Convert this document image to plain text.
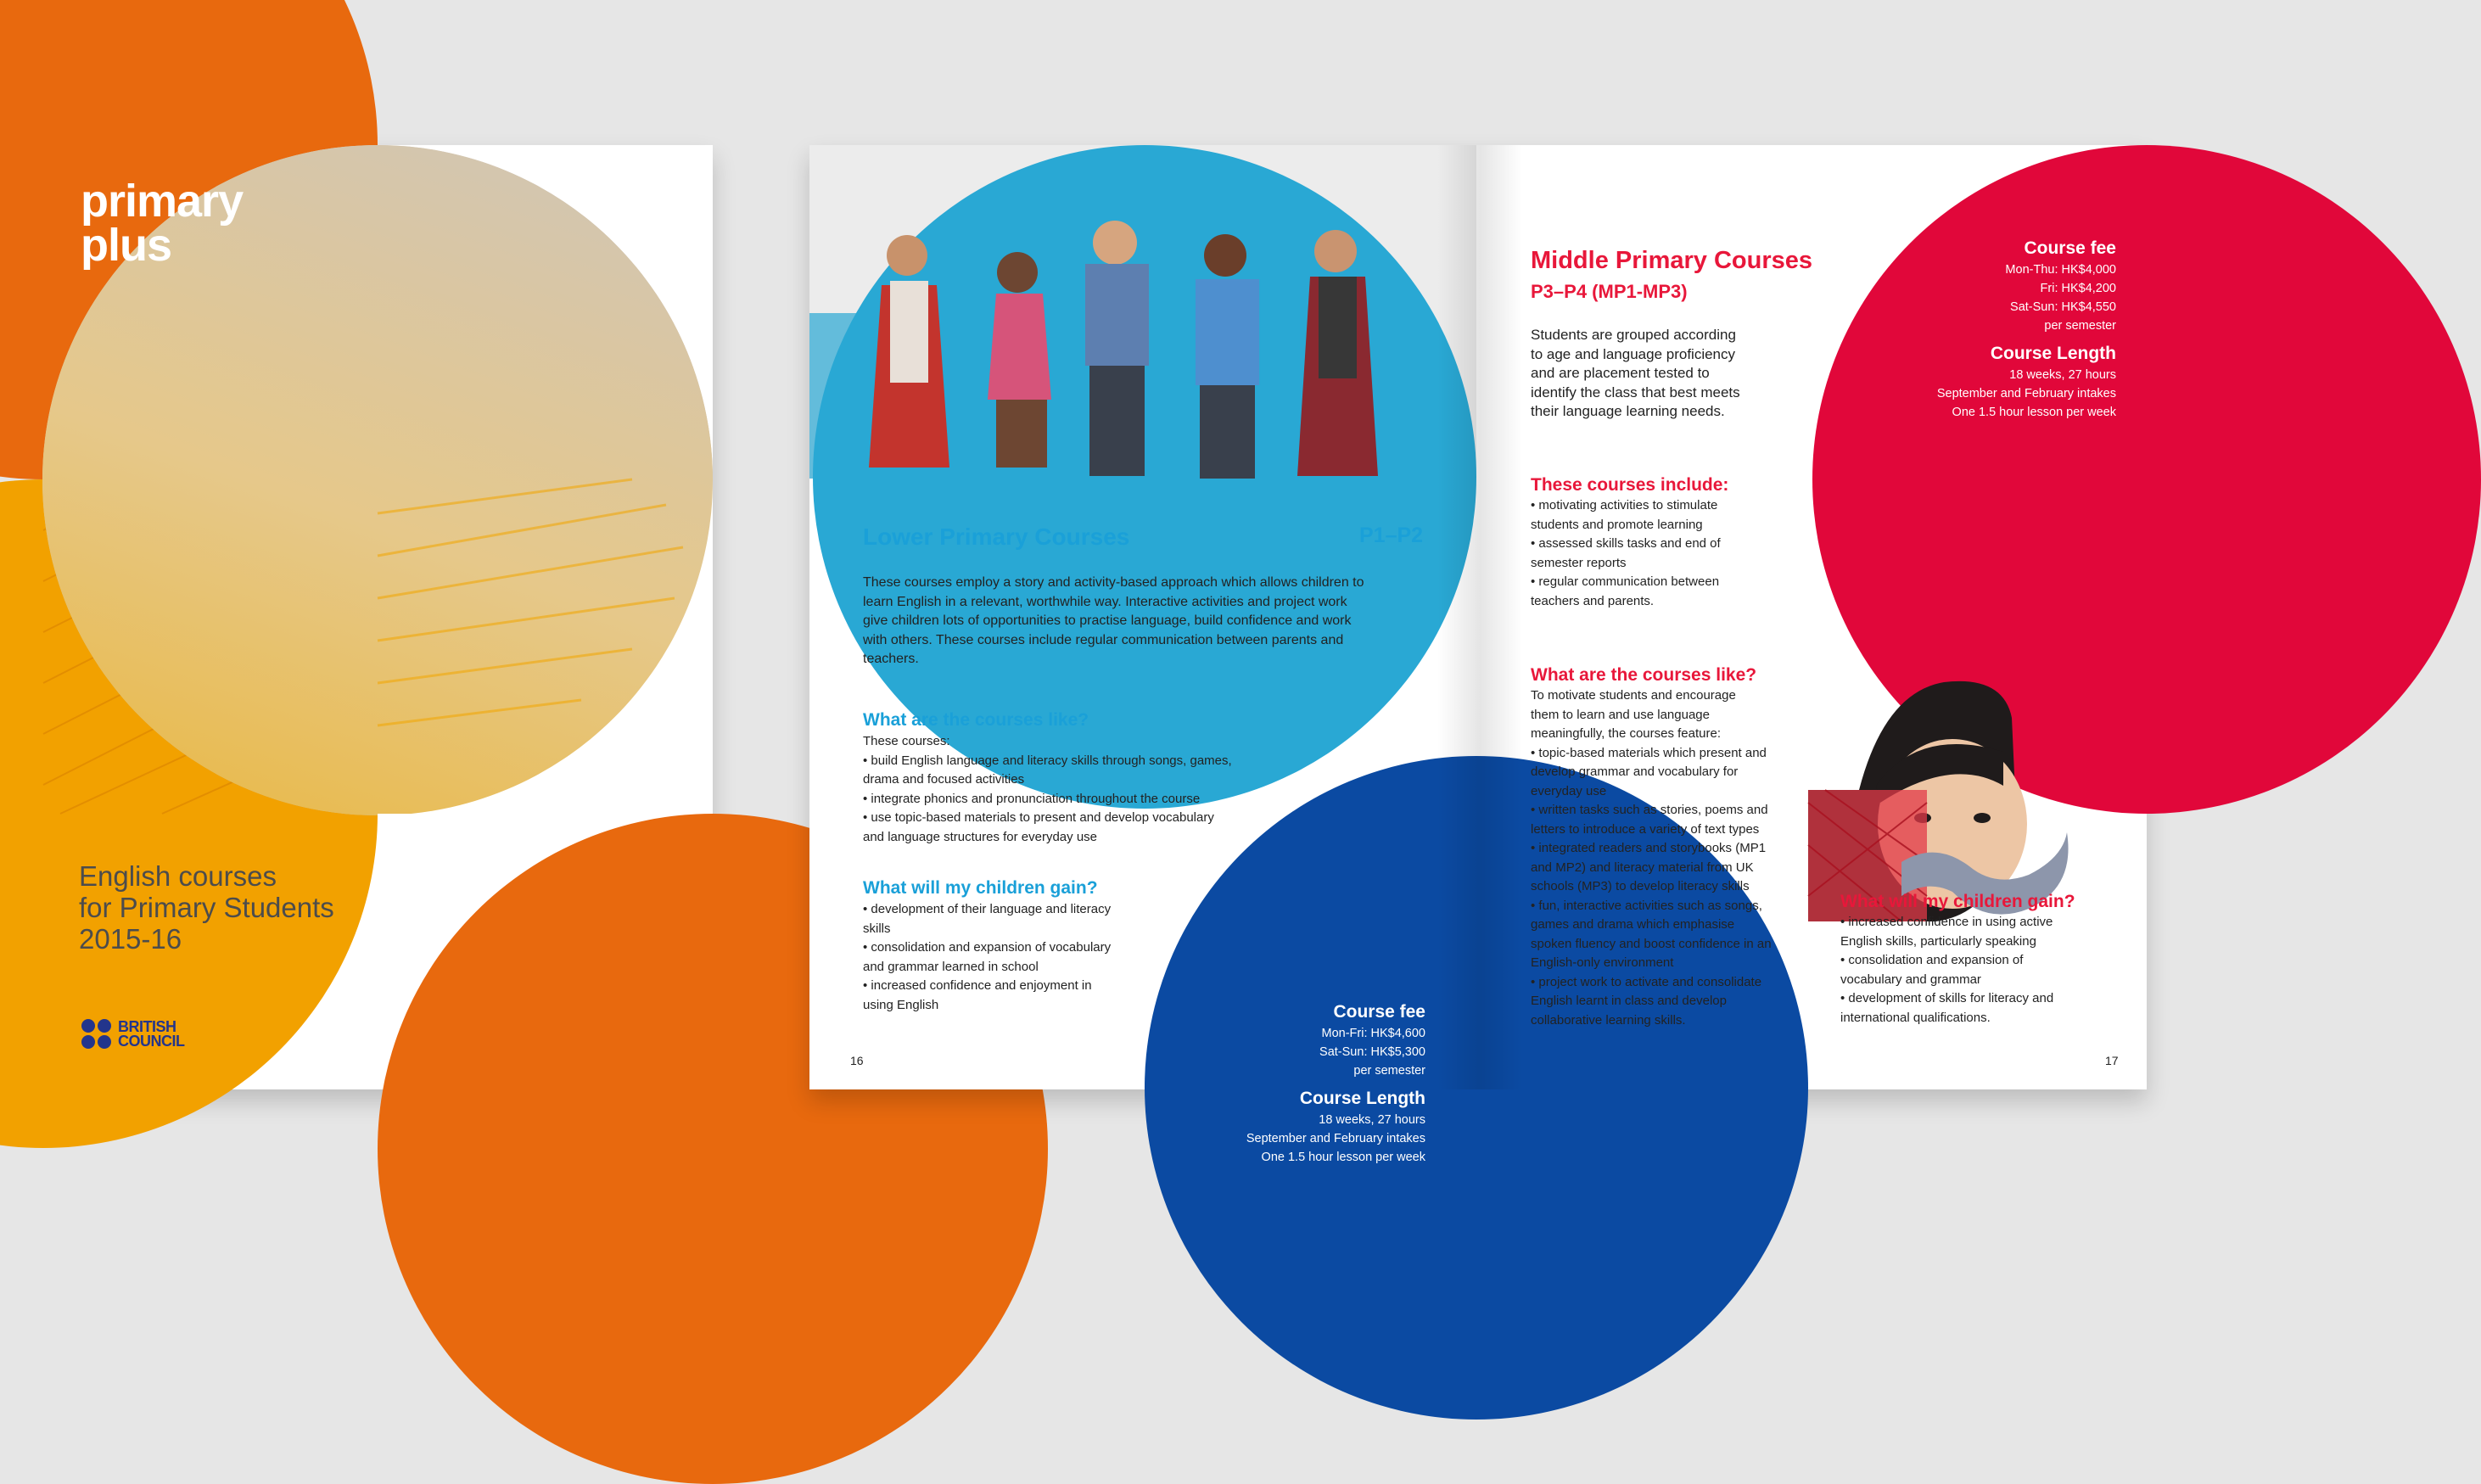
primary
plus
English courses
for Primary Students
2015-16
BRITISH
COUNCIL
Lower Primary Courses	P1–P2

These courses employ a story and activity-based approach which allows children to

learn English in a relevant, worthwhile way. Interactive activities and project work

give children lots of opportunities to practise language, build confidence and work

with others. These courses include regular communication between parents and

teachers.

What are the courses like?
These courses:
• build English language and literacy skills through songs, games,
drama and focused activities
• integrate phonics and pronunciation throughout the course
• use topic-based materials to present and develop vocabulary
and language structures for everyday use
What will my children gain?
• development of their language and literacy
skills
• consolidation and expansion of vocabulary
and grammar learned in school
• increased confidence and enjoyment in
using English	Course fee
Mon-Fri: HK$4,600
Sat-Sun: HK$5,300
per semester
Course Length
18 weeks, 27 hours
September and February intakes
One 1.5 hour lesson per week
16
Middle Primary Courses
P3–P4 (MP1-MP3)

Students are grouped according

to age and language proficiency

and are placement tested to

identify the class that best meets

their language learning needs.

Course fee
Mon-Thu: HK$4,000
Fri: HK$4,200
Sat-Sun: HK$4,550
per semester
Course Length
18 weeks, 27 hours
September and February intakes
One 1.5 hour lesson per week
These courses include:
• motivating activities to stimulate
students and promote learning
• assessed skills tasks and end of
semester reports
• regular communication between
teachers and parents.
What are the courses like?
To motivate students and encourage
them to learn and use language
meaningfully, the courses feature:
• topic-based materials which present and
develop grammar and vocabulary for
everyday use
• written tasks such as stories, poems and
letters to introduce a variety of text types
• integrated readers and storybooks (MP1
and MP2) and literacy material from UK
schools (MP3) to develop literacy skills
• fun, interactive activities such as songs,
games and drama which emphasise
spoken fluency and boost confidence in an
English-only environment
• project work to activate and consolidate
English learnt in class and develop
collaborative learning skills.
What will my children gain?
• increased confidence in using active
English skills, particularly speaking
• consolidation and expansion of
vocabulary and grammar
• development of skills for literacy and
international qualifications.
17
